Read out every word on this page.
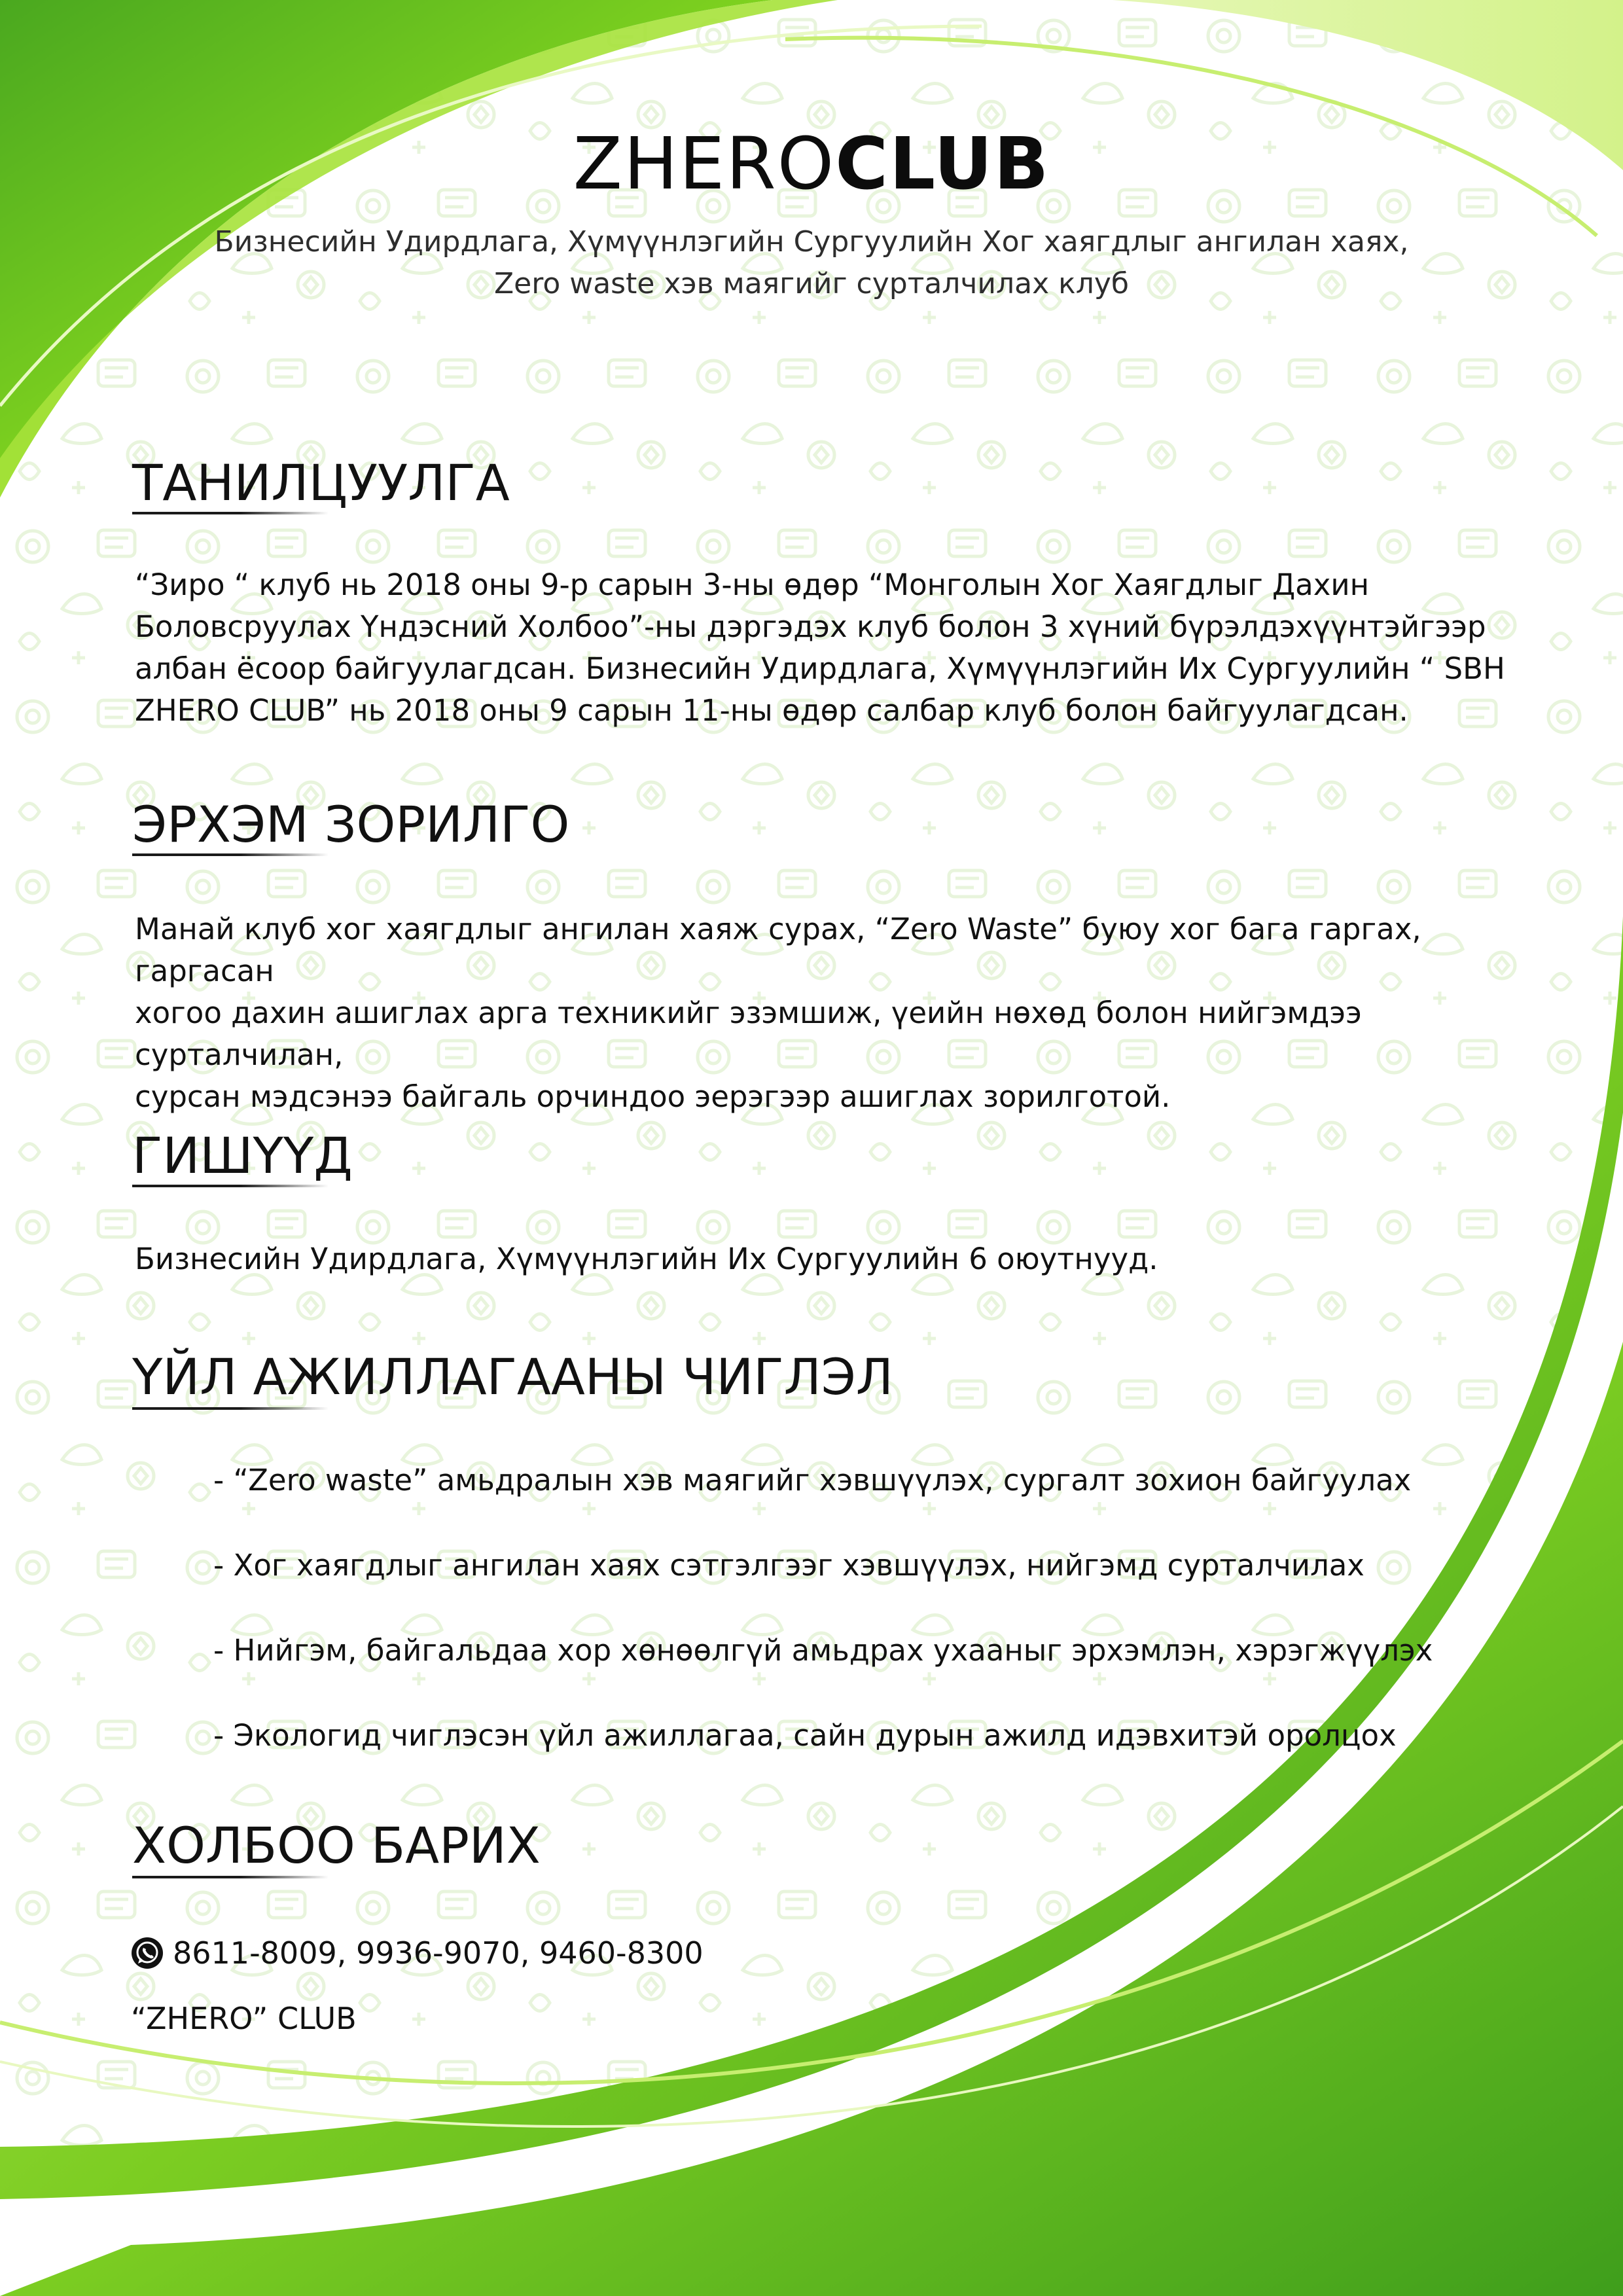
ZHEROCLUB
Бизнесийн Удирдлага, Хүмүүнлэгийн Сургуулийн Хог хаягдлыг ангилан хаях,
Zero waste хэв маягийг сурталчилах клуб
ТАНИЛЦУУЛГА
“Зиро “ клуб нь 2018 оны 9-р сарын 3-ны өдөр “Монголын Хог Хаягдлыг Дахин
Боловсруулах Үндэсний Холбоо”-ны дэргэдэх клуб болон 3 хүний бүрэлдэхүүнтэйгээр
албан ёсоор байгуулагдсан. Бизнесийн Удирдлага, Хүмүүнлэгийн Их Сургуулийн “ SBH
ZHERO CLUB” нь 2018 оны 9 сарын 11-ны өдөр салбар клуб болон байгуулагдсан.
ЭРХЭМ ЗОРИЛГО
Манай клуб хог хаягдлыг ангилан хаяж сурах, “Zero Waste” буюу хог бага гаргах, гаргасан
хогоо дахин ашиглах арга техникийг эзэмшиж, үеийн нөхөд болон нийгэмдээ сурталчилан,
сурсан мэдсэнээ байгаль орчиндоо эерэгээр ашиглах зорилготой.
ГИШҮҮД
Бизнесийн Удирдлага, Хүмүүнлэгийн Их Сургуулийн 6 оюутнууд.
ҮЙЛ АЖИЛЛАГААНЫ ЧИГЛЭЛ
- “Zero waste” амьдралын хэв маягийг хэвшүүлэх, сургалт зохион байгуулах
- Хог хаягдлыг ангилан хаях сэтгэлгээг хэвшүүлэх, нийгэмд сурталчилах
- Нийгэм, байгальдаа хор хөнөөлгүй амьдрах ухааныг эрхэмлэн, хэрэгжүүлэх
- Экологид чиглэсэн үйл ажиллагаа, сайн дурын ажилд идэвхитэй оролцох
ХОЛБОО БАРИХ
8611-8009, 9936-9070, 9460-8300
“ZHERO” CLUB
